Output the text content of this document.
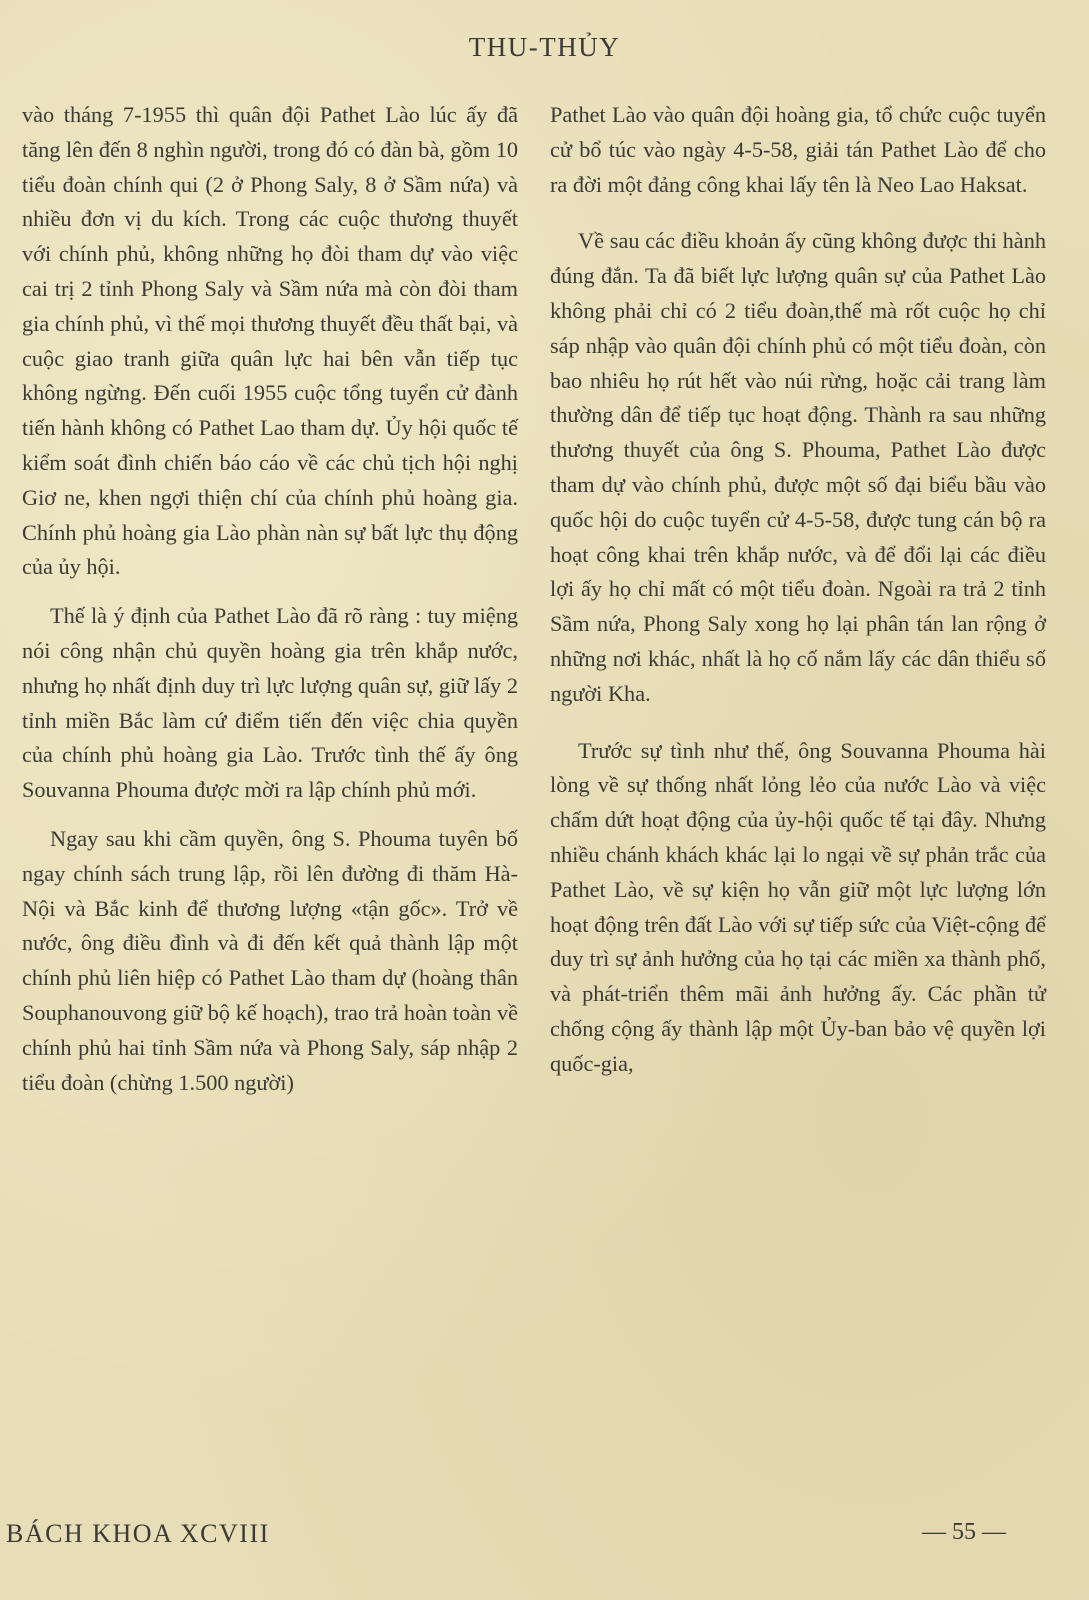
THU-THỦY

vào tháng 7-1955 thì quân đội Pathet Lào lúc ấy đã tăng lên đến 8 nghìn người, trong đó có đàn bà, gồm 10 tiểu đoàn chính qui (2 ở Phong Saly, 8 ở Sầm nứa) và nhiều đơn vị du kích. Trong các cuộc thương thuyết với chính phủ, không những họ đòi tham dự vào việc cai trị 2 tỉnh Phong Saly và Sầm nứa mà còn đòi tham gia chính phủ, vì thế mọi thương thuyết đều thất bại, và cuộc giao tranh giữa quân lực hai bên vẫn tiếp tục không ngừng. Đến cuối 1955 cuộc tổng tuyển cử đành tiến hành không có Pathet Lao tham dự. Ủy hội quốc tế kiểm soát đình chiến báo cáo về các chủ tịch hội nghị Giơ ne, khen ngợi thiện chí của chính phủ hoàng gia. Chính phủ hoàng gia Lào phàn nàn sự bất lực thụ động của ủy hội.

Thế là ý định của Pathet Lào đã rõ ràng : tuy miệng nói công nhận chủ quyền hoàng gia trên khắp nước, nhưng họ nhất định duy trì lực lượng quân sự, giữ lấy 2 tỉnh miền Bắc làm cứ điểm tiến đến việc chia quyền của chính phủ hoàng gia Lào. Trước tình thế ấy ông Souvanna Phouma được mời ra lập chính phủ mới.

Ngay sau khi cầm quyền, ông S. Phouma tuyên bố ngay chính sách trung lập, rồi lên đường đi thăm Hà-Nội và Bắc kinh để thương lượng «tận gốc». Trở về nước, ông điều đình và đi đến kết quả thành lập một chính phủ liên hiệp có Pathet Lào tham dự (hoàng thân Souphanouvong giữ bộ kế hoạch), trao trả hoàn toàn về chính phủ hai tỉnh Sầm nứa và Phong Saly, sáp nhập 2 tiểu đoàn (chừng 1.500 người)

Pathet Lào vào quân đội hoàng gia, tổ chức cuộc tuyển cử bổ túc vào ngày 4-5-58, giải tán Pathet Lào để cho ra đời một đảng công khai lấy tên là Neo Lao Haksat.

Về sau các điều khoản ấy cũng không được thi hành đúng đắn. Ta đã biết lực lượng quân sự của Pathet Lào không phải chỉ có 2 tiểu đoàn,thế mà rốt cuộc họ chỉ sáp nhập vào quân đội chính phủ có một tiểu đoàn, còn bao nhiêu họ rút hết vào núi rừng, hoặc cải trang làm thường dân để tiếp tục hoạt động. Thành ra sau những thương thuyết của ông S. Phouma, Pathet Lào được tham dự vào chính phủ, được một số đại biểu bầu vào quốc hội do cuộc tuyển cử 4-5-58, được tung cán bộ ra hoạt công khai trên khắp nước, và để đổi lại các điều lợi ấy họ chỉ mất có một tiểu đoàn. Ngoài ra trả 2 tỉnh Sầm nứa, Phong Saly xong họ lại phân tán lan rộng ở những nơi khác, nhất là họ cố nắm lấy các dân thiểu số người Kha.

Trước sự tình như thế, ông Souvanna Phouma hài lòng về sự thống nhất lỏng lẻo của nước Lào và việc chấm dứt hoạt động của ủy-hội quốc tế tại đây. Nhưng nhiều chánh khách khác lại lo ngại về sự phản trắc của Pathet Lào, về sự kiện họ vẫn giữ một lực lượng lớn hoạt động trên đất Lào với sự tiếp sức của Việt-cộng để duy trì sự ảnh hưởng của họ tại các miền xa thành phố, và phát-triển thêm mãi ảnh hưởng ấy. Các phần tử chống cộng ấy thành lập một Ủy-ban bảo vệ quyền lợi quốc-gia,

BÁCH KHOA XCVIII	— 55 —
